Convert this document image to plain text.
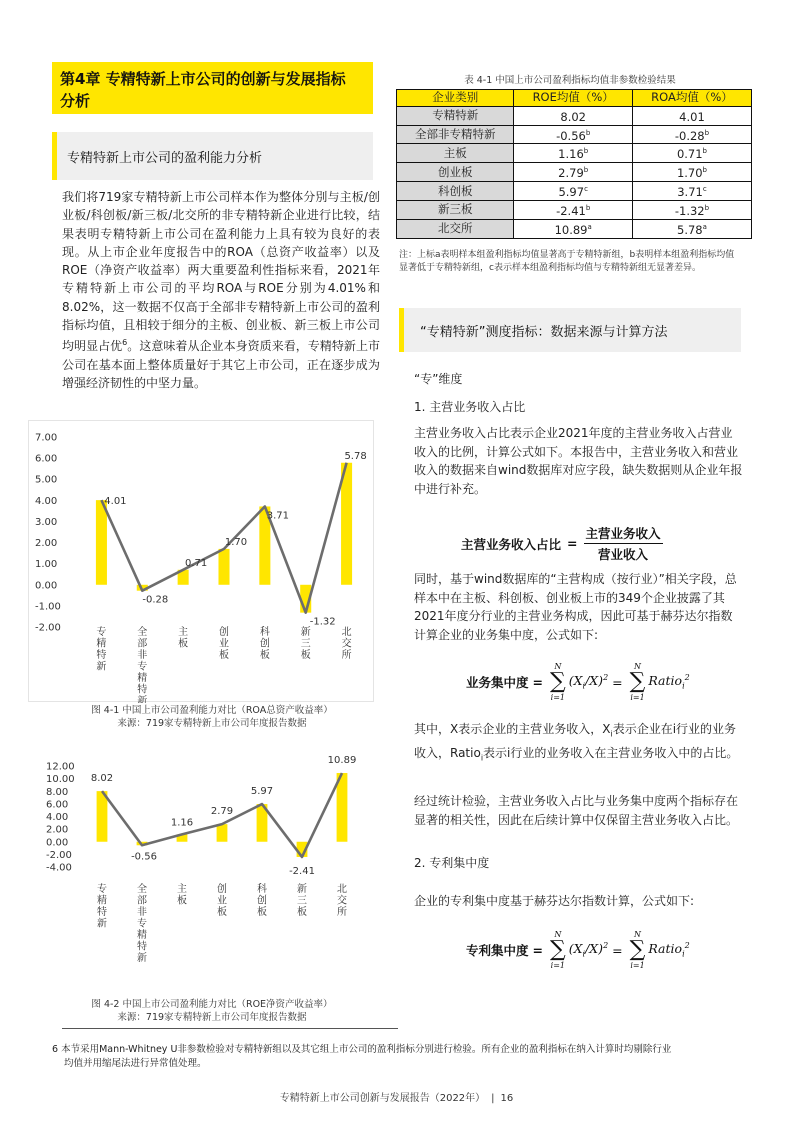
第4章 专精特新上市公司的创新与发展指标
分析
专精特新上市公司的盈利能力分析

我们将719家专精特新上市公司样本作为整体分別与主板/创业板/科创板/新三板/北交所的非专精特新企业进行比较，结果表明专精特新上市公司在盈利能力上具有较为良好的表现。从上市企业年度报告中的ROA（总资产收益率）以及ROE（净资产收益率）两大重要盈利性指标来看，2021年专精特新上市公司的平均ROA与ROE分别为4.01%和8.02%，这一数据不仅高于全部非专精特新上市公司的盈利指标均值，且相较于细分的主板、创业板、新三板上市公司均明显占优$^6$。这意味着从企业本身资质来看，专精特新上市公司在基本面上整体质量好于其它上市公司，正在逐步成为增强经济韧性的中坚力量。

7.00
6.00
5.00
4.00
3.00
2.00
1.00
0.00
-1.00
-2.00
4.01
-0.28
0.71
1.70
3.71
-1.32
5.78
专精特新
全部非专精特新
主板
创业板
科创板
新三板
北交所
图 4-1 中国上市公司盈利能力对比（ROA总资产收益率）
来源：719家专精特新上市公司年度报告数据
12.00
10.00
8.00
6.00
4.00
2.00
0.00
-2.00
-4.00
8.02
-0.56
1.16
2.79
5.97
-2.41
10.89
专精特新
全部非专精特新
主板
创业板
科创板
新三板
北交所
图 4-2 中国上市公司盈利能力对比（ROE净资产收益率）
来源：719家专精特新上市公司年度报告数据
表 4-1 中国上市公司盈利指标均值非参数检验结果
企业类别	ROE均值（%）	ROA均值（%）
专精特新	8.02	4.01
全部非专精特新	-0.56$^b$	-0.28$^b$
主板	1.16$^b$	0.71$^b$
创业板	2.79$^b$	1.70$^b$
科创板	5.97$^c$	3.71$^c$
新三板	-2.41$^b$	-1.32$^b$
北交所	10.89$^a$	5.78$^a$
注：上标a表明样本组盈利指标均值显著高于专精特新组，b表明样本组盈利指标均值显著低于专精特新组，c表示样本组盈利指标均值与专精特新组无显著差异。
“专精特新”测度指标：数据来源与计算方法
“专”维度
1. 主营业务收入占比
主营业务收入占比表示企业2021年度的主营业务收入占营业收入的比例，计算公式如下。本报告中，主营业务收入和营业收入的数据来自wind数据库对应字段，缺失数据则从企业年报中进行补充。
主营业务收入占比 = $\frac{\text{主营业务收入}}{\text{营业收入}}$
同时，基于wind数据库的“主营构成（按行业）”相关字段，总样本中在主板、科创板、创业板上市的349个企业披露了其2021年度分行业的主营业务构成，因此可基于赫芬达尔指数计算企业的业务集中度，公式如下:
业务集中度 =
N
∑
i=1
$(X_i/X)^2$ =
N
∑
i=1
Ratio$_i^2$
其中，X表示企业的主营业务收入，$X_i$表示企业在i行业的业务收入，Ratio$_i$表示i行业的业务收入在主营业务收入中的占比。
经过统计检验，主营业务收入占比与业务集中度两个指标存在显著的相关性，因此在后续计算中仅保留主营业务收入占比。
2. 专利集中度
企业的专利集中度基于赫芬达尔指数计算，公式如下:
专利集中度 =
N
∑
i=1
$(X_i/X)^2$ =
N
∑
i=1
Ratio$_i^2$
6 本节采用Mann-Whitney U非参数检验对专精特新组以及其它组上市公司的盈利指标分别进行检验。所有企业的盈利指标在纳入计算时均剔除行业
均值并用缩尾法进行异常值处理。
专精特新上市公司创新与发展报告（2022年） | 16
